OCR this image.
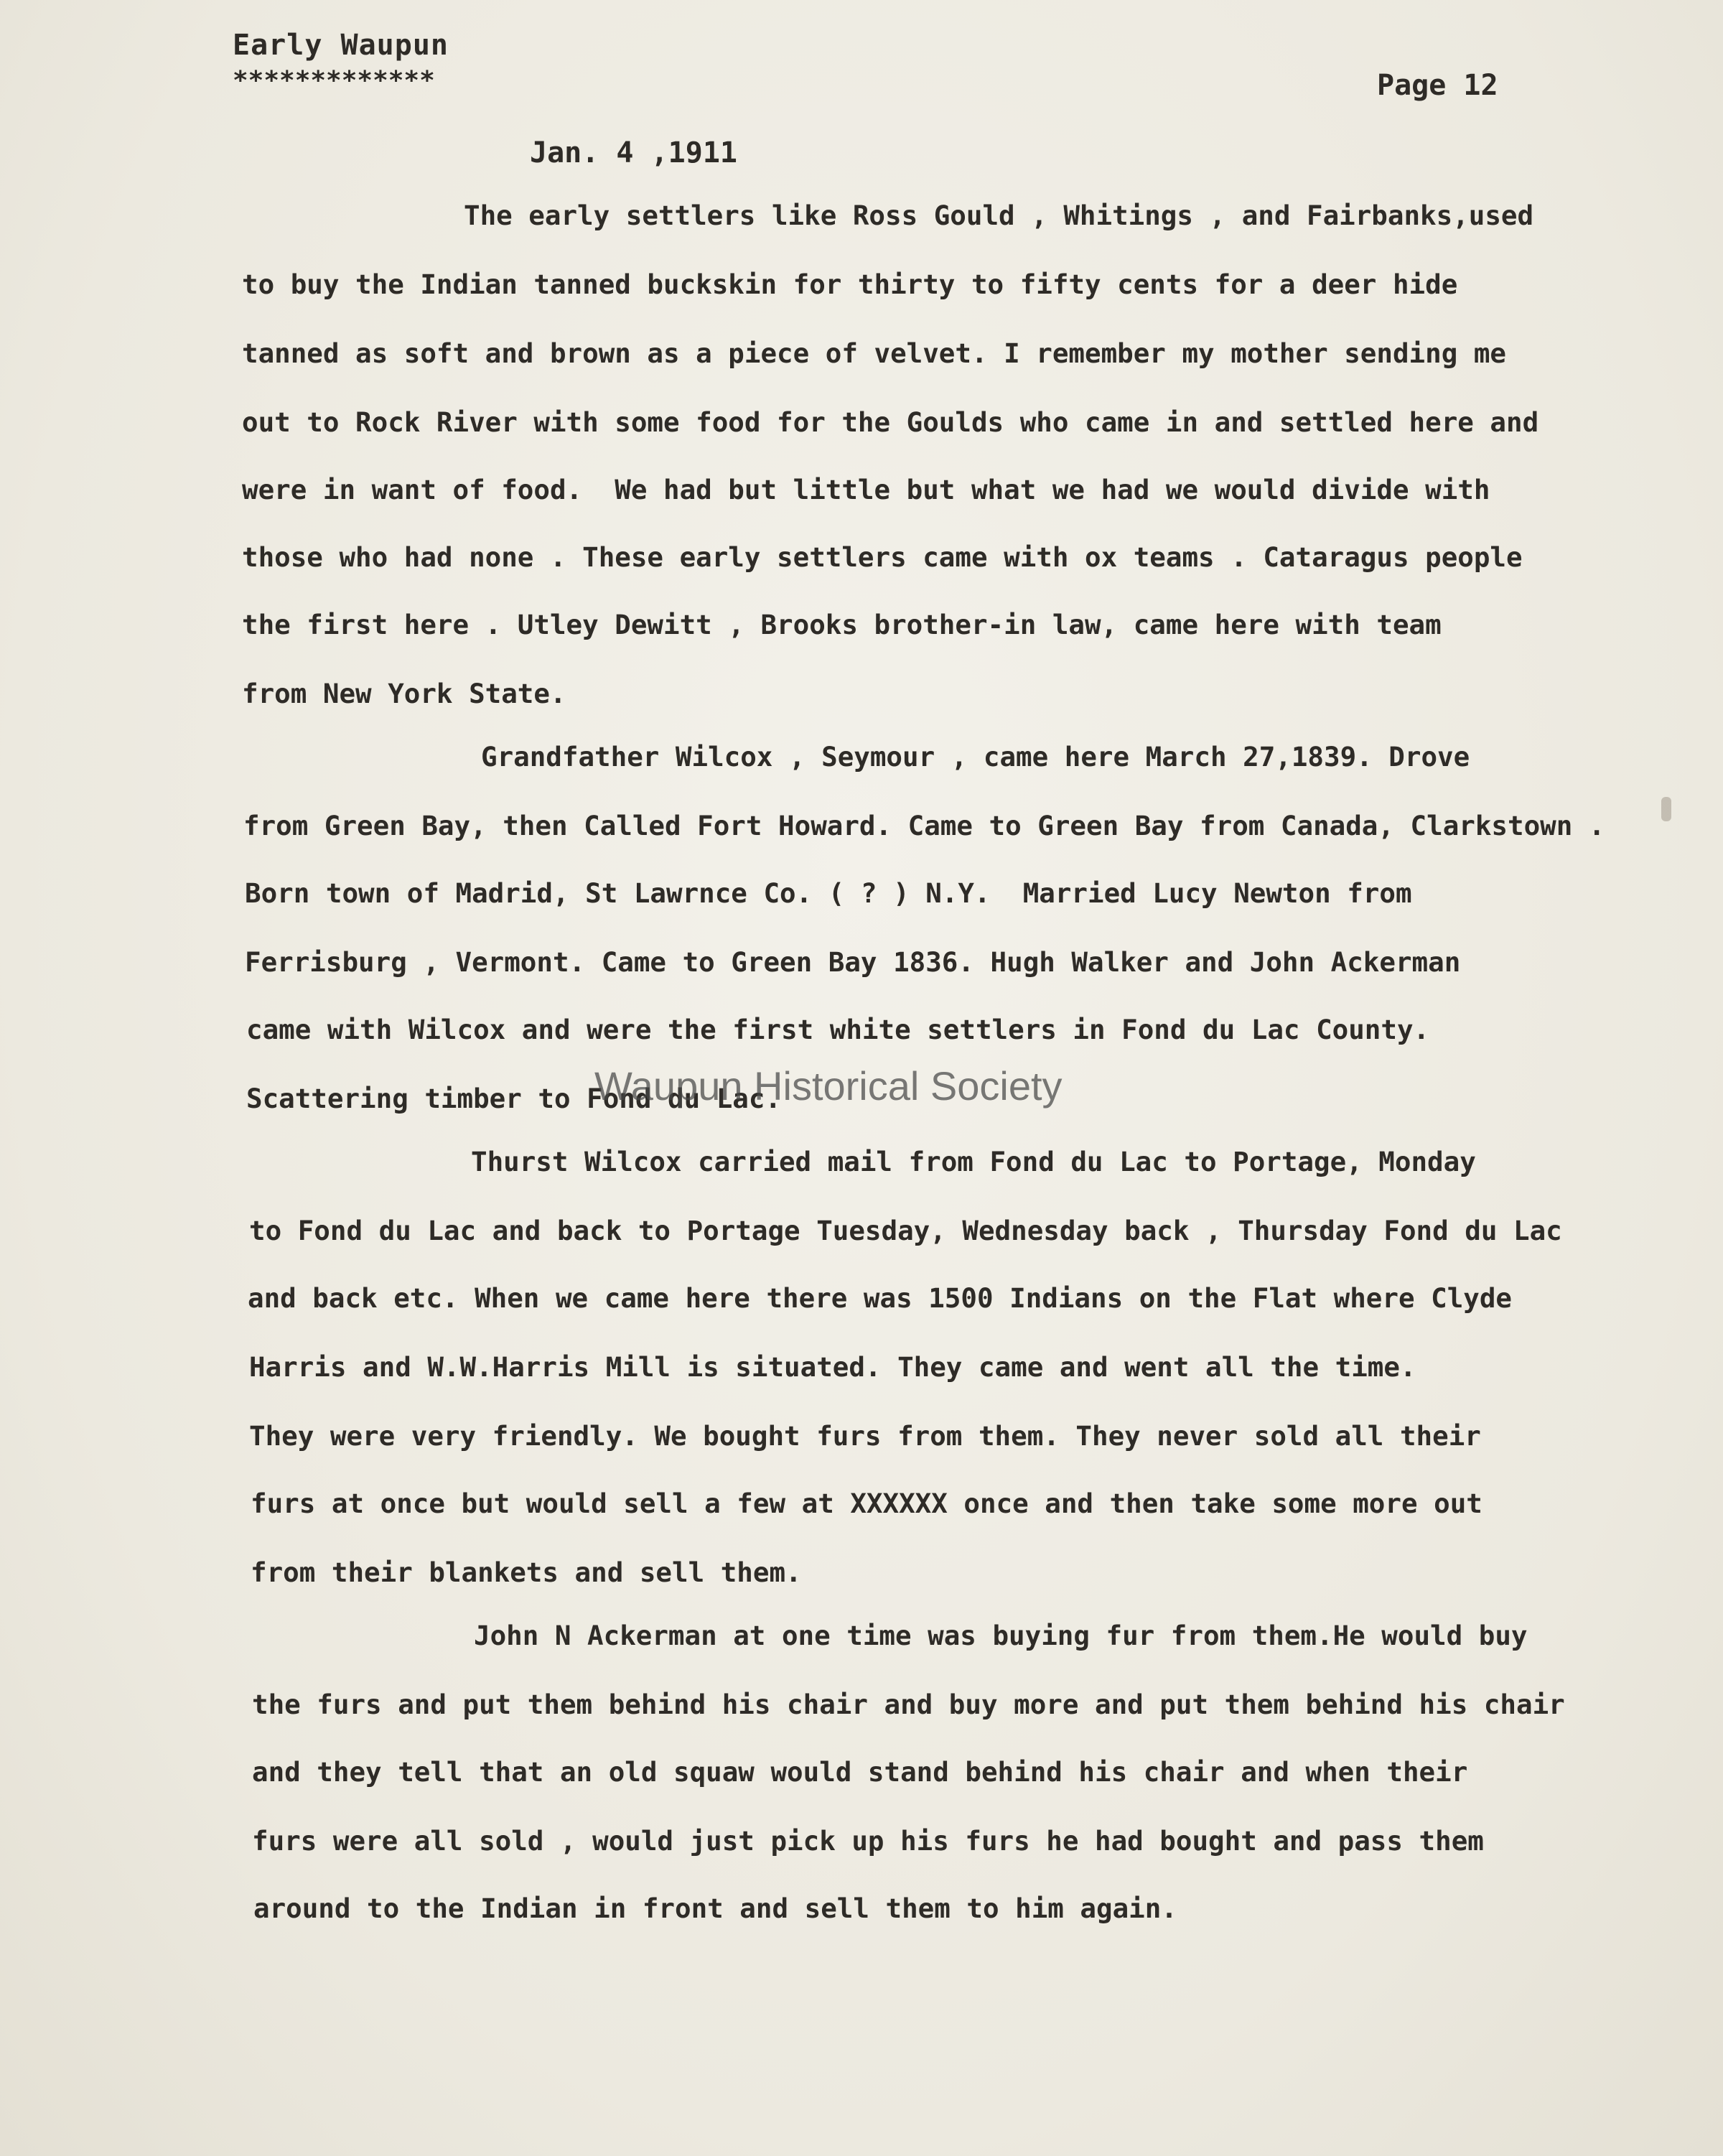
Early Waupun
*************	Page 12
Jan. 4 ,1911
The early settlers like Ross Gould , Whitings , and Fairbanks,used
to buy the Indian tanned buckskin for thirty to fifty cents for a deer hide
tanned as soft and brown as a piece of velvet. I remember my mother sending me
out to Rock River with some food for the Goulds who came in and settled here and
were in want of food.  We had but little but what we had we would divide with
those who had none . These early settlers came with ox teams . Cataragus people
the first here . Utley Dewitt , Brooks brother-in law, came here with team
from New York State.
Grandfather Wilcox , Seymour , came here March 27,1839. Drove
from Green Bay, then Called Fort Howard. Came to Green Bay from Canada, Clarkstown .
Born town of Madrid, St Lawrnce Co. ( ? ) N.Y.  Married Lucy Newton from
Ferrisburg , Vermont. Came to Green Bay 1836. Hugh Walker and John Ackerman
came with Wilcox and were the first white settlers in Fond du Lac County.
Scattering timber to Fond du Lac.
Thurst Wilcox carried mail from Fond du Lac to Portage, Monday
to Fond du Lac and back to Portage Tuesday, Wednesday back , Thursday Fond du Lac
and back etc. When we came here there was 1500 Indians on the Flat where Clyde
Harris and W.W.Harris Mill is situated. They came and went all the time.
They were very friendly. We bought furs from them. They never sold all their
furs at once but would sell a few at XXXXXX once and then take some more out
from their blankets and sell them.
John N Ackerman at one time was buying fur from them.He would buy
the furs and put them behind his chair and buy more and put them behind his chair
and they tell that an old squaw would stand behind his chair and when their
furs were all sold , would just pick up his furs he had bought and pass them
around to the Indian in front and sell them to him again.
Waupun Historical Society
